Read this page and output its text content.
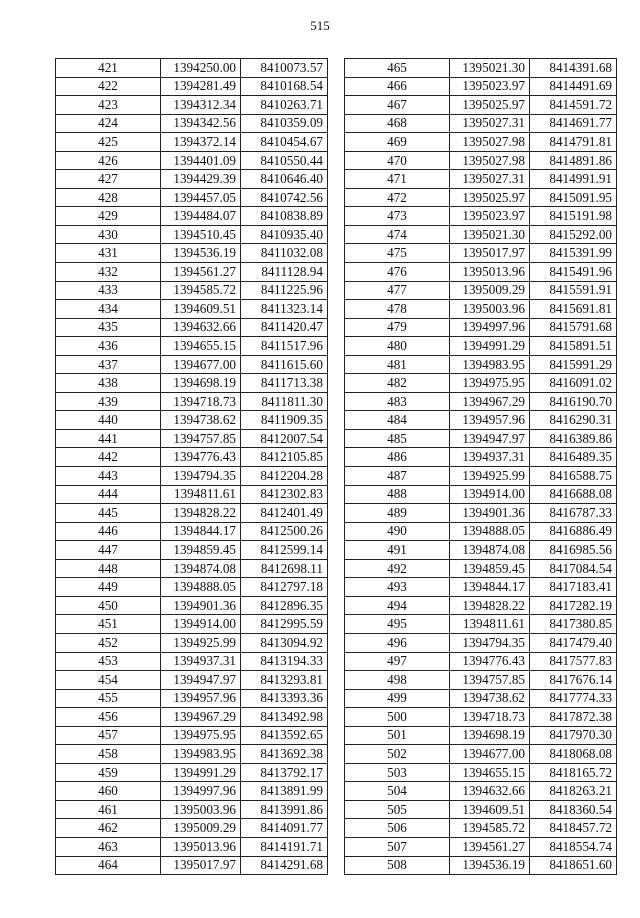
515
421	1394250.00	8410073.57
422	1394281.49	8410168.54
423	1394312.34	8410263.71
424	1394342.56	8410359.09
425	1394372.14	8410454.67
426	1394401.09	8410550.44
427	1394429.39	8410646.40
428	1394457.05	8410742.56
429	1394484.07	8410838.89
430	1394510.45	8410935.40
431	1394536.19	8411032.08
432	1394561.27	8411128.94
433	1394585.72	8411225.96
434	1394609.51	8411323.14
435	1394632.66	8411420.47
436	1394655.15	8411517.96
437	1394677.00	8411615.60
438	1394698.19	8411713.38
439	1394718.73	8411811.30
440	1394738.62	8411909.35
441	1394757.85	8412007.54
442	1394776.43	8412105.85
443	1394794.35	8412204.28
444	1394811.61	8412302.83
445	1394828.22	8412401.49
446	1394844.17	8412500.26
447	1394859.45	8412599.14
448	1394874.08	8412698.11
449	1394888.05	8412797.18
450	1394901.36	8412896.35
451	1394914.00	8412995.59
452	1394925.99	8413094.92
453	1394937.31	8413194.33
454	1394947.97	8413293.81
455	1394957.96	8413393.36
456	1394967.29	8413492.98
457	1394975.95	8413592.65
458	1394983.95	8413692.38
459	1394991.29	8413792.17
460	1394997.96	8413891.99
461	1395003.96	8413991.86
462	1395009.29	8414091.77
463	1395013.96	8414191.71
464	1395017.97	8414291.68
465	1395021.30	8414391.68
466	1395023.97	8414491.69
467	1395025.97	8414591.72
468	1395027.31	8414691.77
469	1395027.98	8414791.81
470	1395027.98	8414891.86
471	1395027.31	8414991.91
472	1395025.97	8415091.95
473	1395023.97	8415191.98
474	1395021.30	8415292.00
475	1395017.97	8415391.99
476	1395013.96	8415491.96
477	1395009.29	8415591.91
478	1395003.96	8415691.81
479	1394997.96	8415791.68
480	1394991.29	8415891.51
481	1394983.95	8415991.29
482	1394975.95	8416091.02
483	1394967.29	8416190.70
484	1394957.96	8416290.31
485	1394947.97	8416389.86
486	1394937.31	8416489.35
487	1394925.99	8416588.75
488	1394914.00	8416688.08
489	1394901.36	8416787.33
490	1394888.05	8416886.49
491	1394874.08	8416985.56
492	1394859.45	8417084.54
493	1394844.17	8417183.41
494	1394828.22	8417282.19
495	1394811.61	8417380.85
496	1394794.35	8417479.40
497	1394776.43	8417577.83
498	1394757.85	8417676.14
499	1394738.62	8417774.33
500	1394718.73	8417872.38
501	1394698.19	8417970.30
502	1394677.00	8418068.08
503	1394655.15	8418165.72
504	1394632.66	8418263.21
505	1394609.51	8418360.54
506	1394585.72	8418457.72
507	1394561.27	8418554.74
508	1394536.19	8418651.60
